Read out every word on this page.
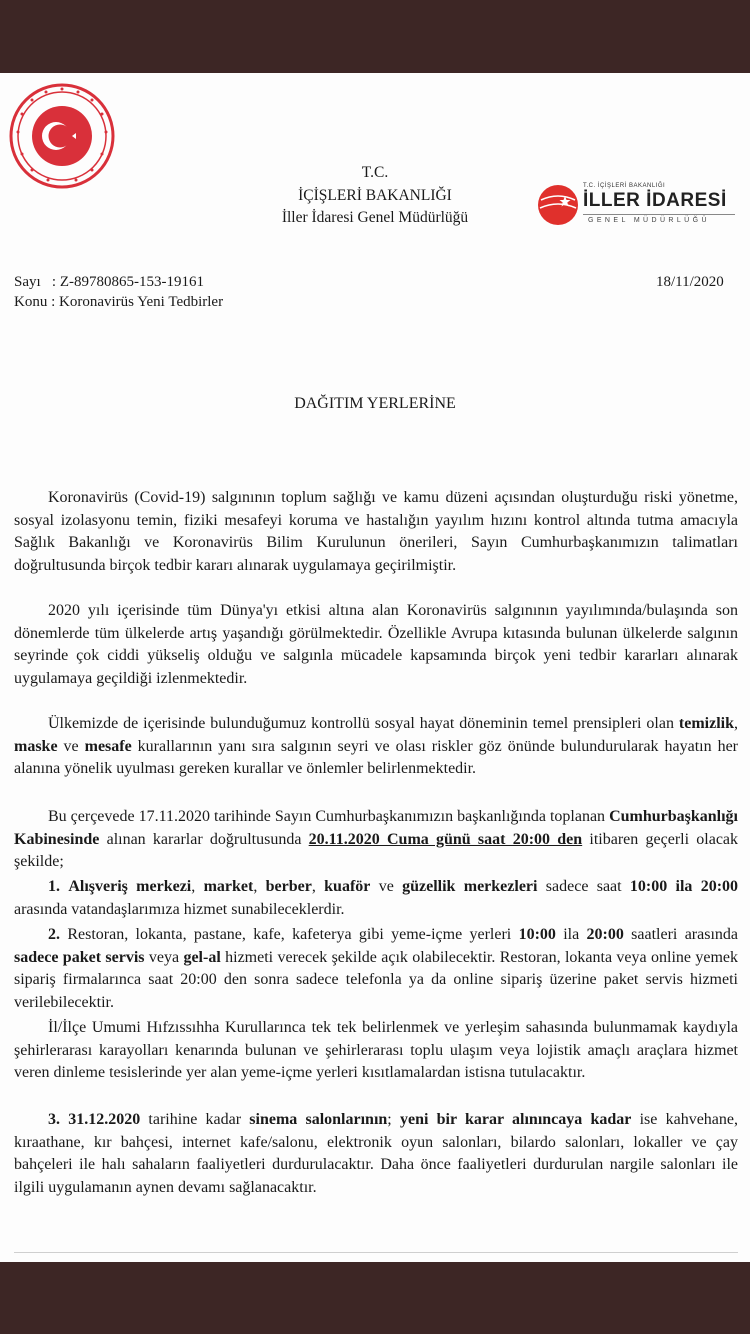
T.C.
İÇİŞLERİ BAKANLIĞI
İller İdaresi Genel Müdürlüğü
T.C. İÇİŞLERİ BAKANLIĞI
İLLER İDARESİ
GENEL MÜDÜRLÜĞÜ
Sayı : Z-89780865-153-19161
Konu : Koronavirüs Yeni Tedbirler
18/11/2020
DAĞITIM YERLERİNE
Koronavirüs (Covid-19) salgınının toplum sağlığı ve kamu düzeni açısından oluşturduğu riski yönetme, sosyal izolasyonu temin, fiziki mesafeyi koruma ve hastalığın yayılım hızını kontrol altında tutma amacıyla Sağlık Bakanlığı ve Koronavirüs Bilim Kurulunun önerileri, Sayın Cumhurbaşkanımızın talimatları doğrultusunda birçok tedbir kararı alınarak uygulamaya geçirilmiştir.
2020 yılı içerisinde tüm Dünya'yı etkisi altına alan Koronavirüs salgınının yayılımında/bulaşında son dönemlerde tüm ülkelerde artış yaşandığı görülmektedir. Özellikle Avrupa kıtasında bulunan ülkelerde salgının seyrinde çok ciddi yükseliş olduğu ve salgınla mücadele kapsamında birçok yeni tedbir kararları alınarak uygulamaya geçildiği izlenmektedir.
Ülkemizde de içerisinde bulunduğumuz kontrollü sosyal hayat döneminin temel prensipleri olan temizlik, maske ve mesafe kurallarının yanı sıra salgının seyri ve olası riskler göz önünde bulundurularak hayatın her alanına yönelik uyulması gereken kurallar ve önlemler belirlenmektedir.
Bu çerçevede 17.11.2020 tarihinde Sayın Cumhurbaşkanımızın başkanlığında toplanan Cumhurbaşkanlığı Kabinesinde alınan kararlar doğrultusunda 20.11.2020 Cuma günü saat 20:00 den itibaren geçerli olacak şekilde;
1. Alışveriş merkezi, market, berber, kuaför ve güzellik merkezleri sadece saat 10:00 ila 20:00 arasında vatandaşlarımıza hizmet sunabileceklerdir.
2. Restoran, lokanta, pastane, kafe, kafeterya gibi yeme-içme yerleri 10:00 ila 20:00 saatleri arasında sadece paket servis veya gel-al hizmeti verecek şekilde açık olabilecektir. Restoran, lokanta veya online yemek sipariş firmalarınca saat 20:00 den sonra sadece telefonla ya da online sipariş üzerine paket servis hizmeti verilebilecektir.
İl/İlçe Umumi Hıfzıssıhha Kurullarınca tek tek belirlenmek ve yerleşim sahasında bulunmamak kaydıyla şehirlerarası karayolları kenarında bulunan ve şehirlerarası toplu ulaşım veya lojistik amaçlı araçlara hizmet veren dinleme tesislerinde yer alan yeme-içme yerleri kısıtlamalardan istisna tutulacaktır.
3. 31.12.2020 tarihine kadar sinema salonlarının; yeni bir karar alınıncaya kadar ise kahvehane, kıraathane, kır bahçesi, internet kafe/salonu, elektronik oyun salonları, bilardo salonları, lokaller ve çay bahçeleri ile halı sahaların faaliyetleri durdurulacaktır. Daha önce faaliyetleri durdurulan nargile salonları ile ilgili uygulamanın aynen devamı sağlanacaktır.
